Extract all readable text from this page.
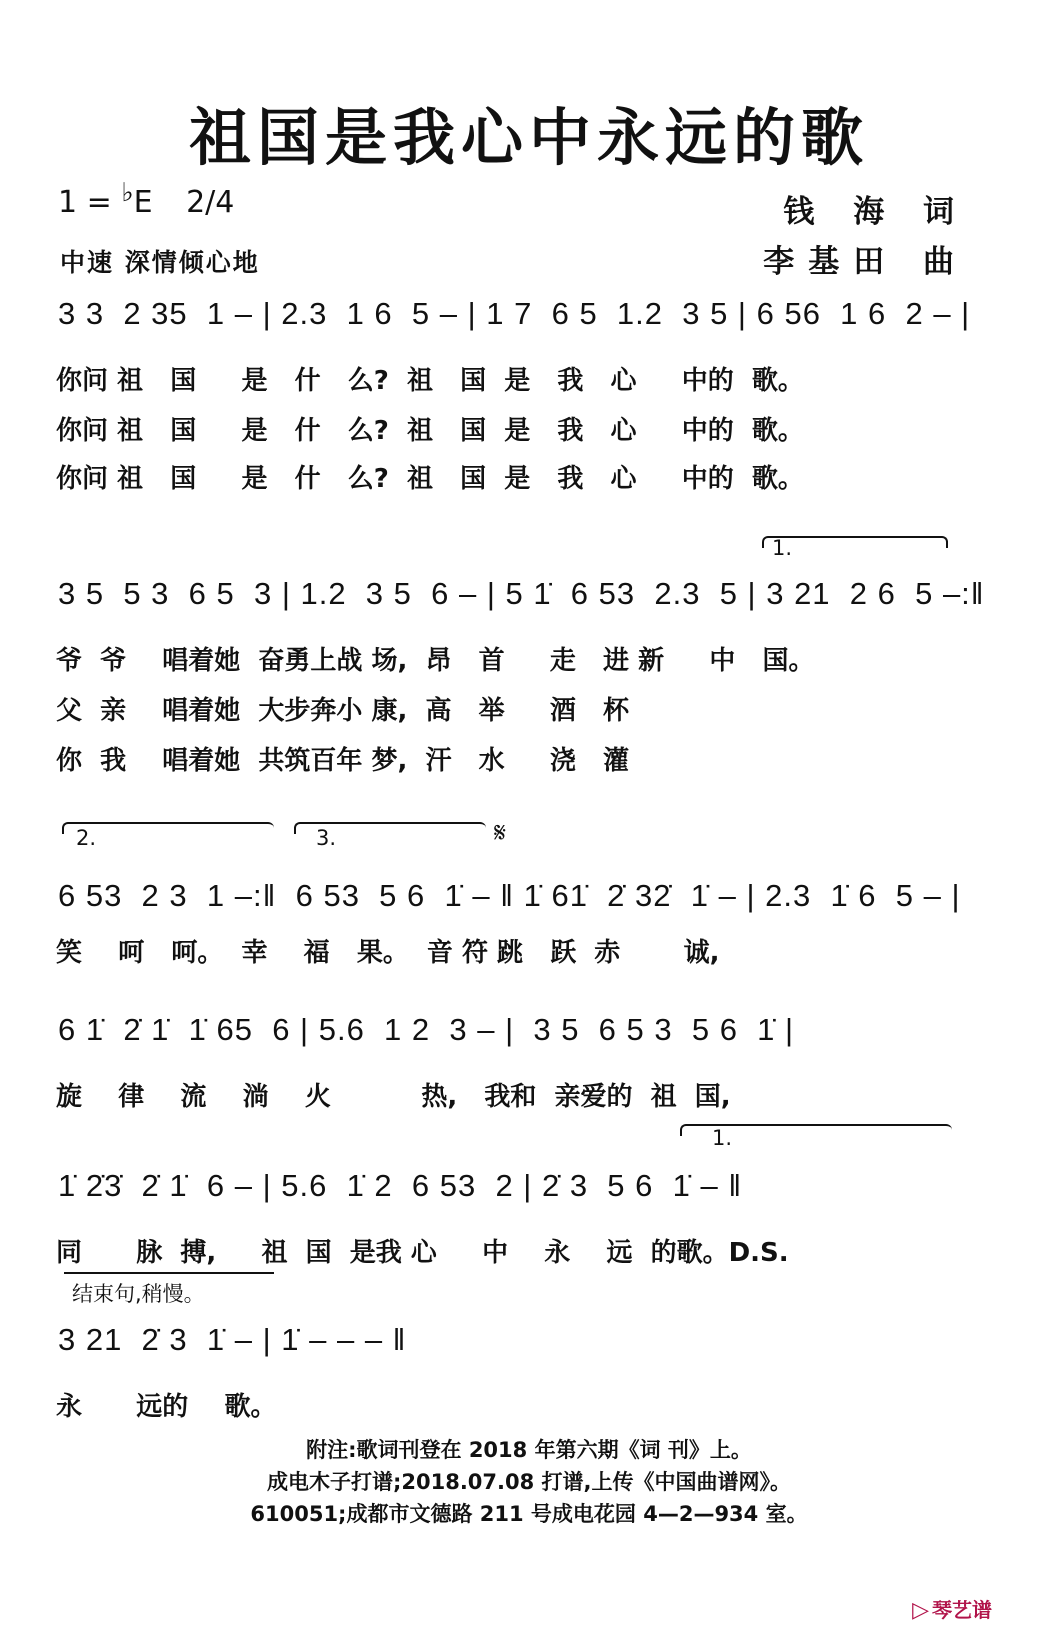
祖国是我心中永远的歌
1 = ♭E 2/4
中速 深情倾心地
钱 海 词
李基田 曲
3 3  2 35  1 – | 2.3  1 6  5 – | 1 7  6 5  1.2  3 5 | 6 56  1 6  2 – |
你问 祖   国     是   什   么?  祖   国  是   我   心     中的  歌。
你问 祖   国     是   什   么?  祖   国  是   我   心     中的  歌。
你问 祖   国     是   什   么?  祖   国  是   我   心     中的  歌。
1.
3 5  5 3  6 5  3 | 1.2  3 5  6 – | 5 1̇  6 53  2.3  5 | 3 21  2 6  5 –:‖
爷  爷    唱着她  奋勇上战 场,  昂   首     走   进 新     中   国。
父  亲    唱着她  大步奔小 康,  高   举     酒   杯
你  我    唱着她  共筑百年 梦,  汗   水     浇   灌
2.	3.	𝄋
6 53  2 3  1 –:‖  6 53  5 6  1̇ – ‖ 1̇ 61̇  2̇ 32̇  1̇ – | 2.3  1̇ 6  5 – |
笑    呵   呵。  幸    福   果。  音 符 跳   跃  赤       诚,
6 1̇  2̇ 1̇  1̇ 65  6 | 5.6  1 2  3 – |  3 5  6 5 3  5 6  1̇ |
旋    律    流    淌    火          热,   我和  亲爱的  祖  国,
1.
1̇ 2̇3̇  2̇ 1̇  6 – | 5.6  1̇ 2  6 53  2 | 2̇ 3  5 6  1̇ – ‖
同      脉  搏,     祖  国  是我 心     中    永    远  的歌。D.S.
结束句,稍慢。
3 21  2̇ 3  1̇ – | 1̇ – – – ‖
永      远的    歌。
附注:歌词刊登在 2018 年第六期《词 刊》上。
成电木子打谱;2018.07.08 打谱,上传《中国曲谱网》。
610051;成都市文德路 211 号成电花园 4—2—934 室。
▷ 琴艺谱
